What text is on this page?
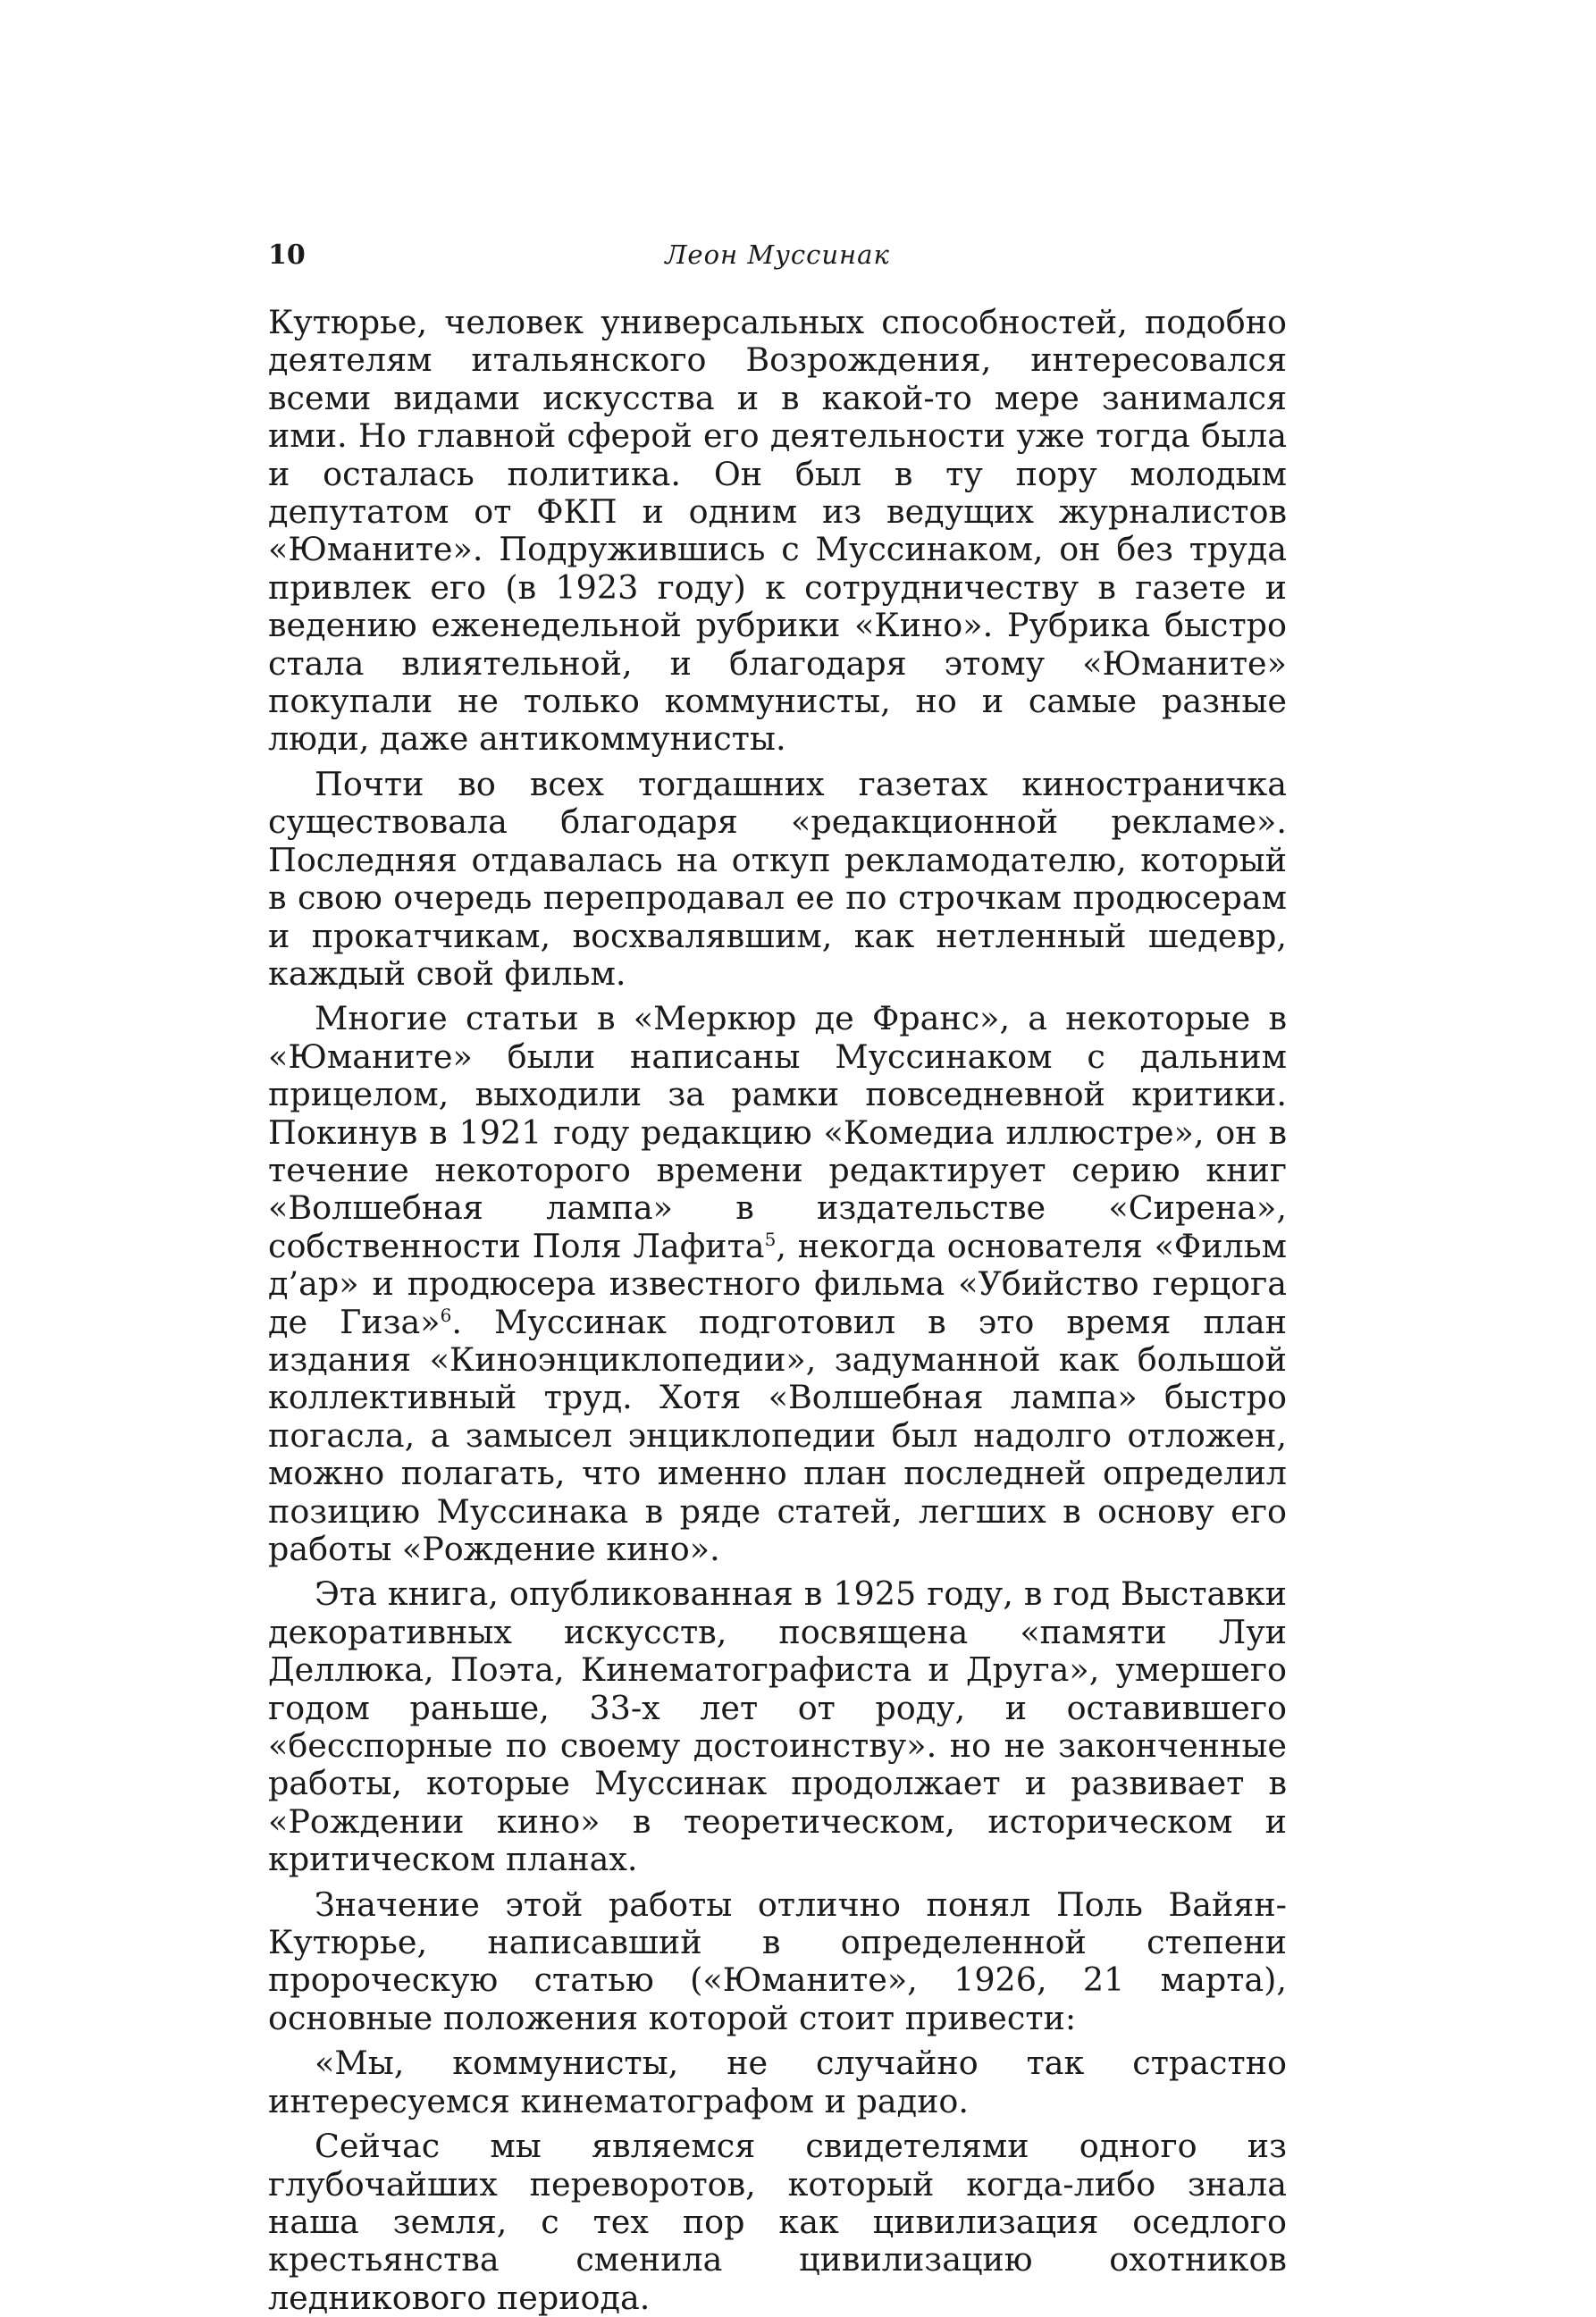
10	Леон Муссинак

Кутюрье, человек универсальных способностей, подобно деятелям итальянского Возрождения, интересовался всеми видами искусства и в какой-то мере занимался ими. Но главной сферой его деятельности уже тогда была и осталась политика. Он был в ту пору молодым депутатом от ФКП и одним из ведущих журналистов «Юманите». Подружившись с Муссинаком, он без труда привлек его (в 1923 году) к сотрудничеству в газете и ведению еженедельной рубрики «Кино». Рубрика быстро стала влиятельной, и благодаря этому «Юманите» покупали не только коммунисты, но и самые разные люди, даже антикоммунисты.

Почти во всех тогдашних газетах киностраничка существовала благодаря «редакционной рекламе». Последняя отдавалась на откуп рекламодателю, который в свою очередь перепродавал ее по строчкам продюсерам и прокатчикам, восхвалявшим, как нетленный шедевр, каждый свой фильм.

Многие статьи в «Меркюр де Франс», а некоторые в «Юманите» были написаны Муссинаком с дальним прицелом, выходили за рамки повседневной критики. Покинув в 1921 году редакцию «Комедиа иллюстре», он в течение некоторого времени редактирует серию книг «Волшебная лампа» в издательстве «Сирена», собственности Поля Лафита$^5$, некогда основателя «Фильм д’ар» и продюсера известного фильма «Убийство герцога де Гиза»$^6$. Муссинак подготовил в это время план издания «Киноэнциклопедии», задуманной как большой коллективный труд. Хотя «Волшебная лампа» быстро погасла, а замысел энциклопедии был надолго отложен, можно полагать, что именно план последней определил позицию Муссинака в ряде статей, легших в основу его работы «Рождение кино».

Эта книга, опубликованная в 1925 году, в год Выставки декоративных искусств, посвящена «памяти Луи Деллюка, Поэта, Кинематографиста и Друга», умершего годом раньше, 33-х лет от роду, и оставившего «бесспорные по своему достоинству». но не законченные работы, которые Муссинак продолжает и развивает в «Рождении кино» в теоретическом, историческом и критическом планах.

Значение этой работы отлично понял Поль Вайян-Кутюрье, написавший в определенной степени пророческую статью («Юманите», 1926, 21 марта), основные положения которой стоит привести:

«Мы, коммунисты, не случайно так страстно интересуемся кинематографом и радио.

Сейчас мы являемся свидетелями одного из глубочайших переворотов, который когда-либо знала наша земля, с тех пор как цивилизация оседлого крестьянства сменила цивилизацию охотников ледникового периода.
